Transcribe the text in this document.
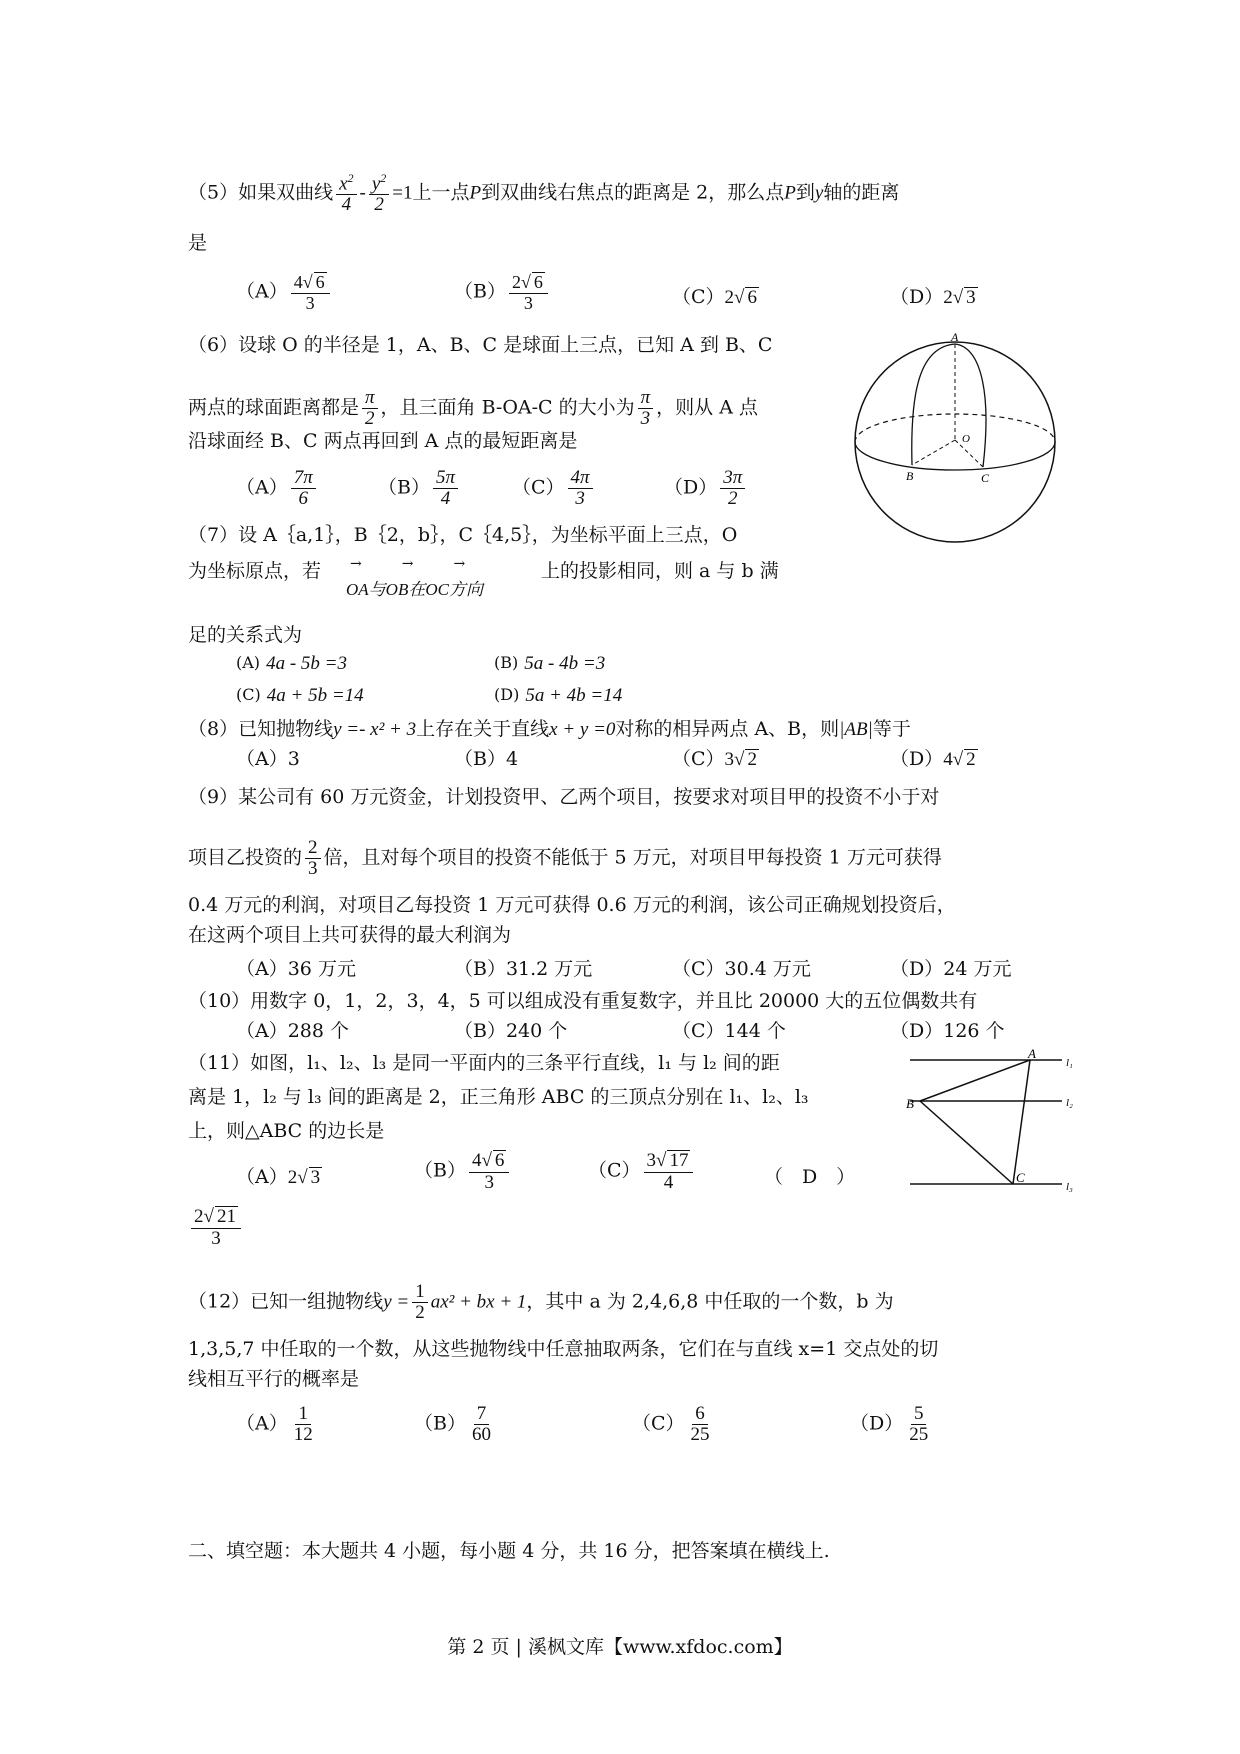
（5）如果双曲线 $\frac{x^2}{4} - \frac{y^2}{2} =1$上一点P到双曲线右焦点的距离是 2，那么点P到y轴的距离
是
$(A) \frac{4√ 6}{3}$	$(B) \frac{2√ 6}{3}$	（C）2√ 6	（D）2√ 3
（6）设球 O 的半径是 1，A、B、C 是球面上三点，已知 A 到 B、C
两点的球面距离都是 $\frac{\pi}{2}$ ，且三面角 B-OA-C 的大小为 $\frac{\pi}{3}$ ，则从 A 点
沿球面经 B、C 两点再回到 A 点的最短距离是
$(A) \frac{7\pi}{6}$	$(B) \frac{5\pi}{4}$	$(C) \frac{4\pi}{3}$	$(D) \frac{3\pi}{2}$
A
B	C
O
（7）设 A｛a,1｝，B｛2，b｝，C｛4,5｝，为坐标平面上三点，O
为坐标原点，若	上的投影相同，则 a 与 b 满
OA与OB在OC方向
→→→
足的关系式为
$^{(A)}$ 4a - 5b =3	$^{(B)}$ 5a - 4b =3
$^{(C)}$ 4a + 5b =14	$^{(D)}$ 5a + 4b =14
（8）已知抛物线y =- x² + 3上存在关于直线x + y =0对称的相异两点 A、B，则|AB|等于
（A）3	（B）4	（C）3√ 2	（D）4√ 2
（9）某公司有 60 万元资金，计划投资甲、乙两个项目，按要求对项目甲的投资不小于对
项目乙投资的 $\frac{2}{3}$ 倍，且对每个项目的投资不能低于 5 万元，对项目甲每投资 1 万元可获得
0.4 万元的利润，对项目乙每投资 1 万元可获得 0.6 万元的利润，该公司正确规划投资后，
在这两个项目上共可获得的最大利润为
（A）36 万元	（B）31.2 万元	（C）30.4 万元	（D）24 万元
（10）用数字 0，1，2，3，4，5 可以组成没有重复数字，并且比 20000 大的五位偶数共有
（A）288 个	（B）240 个	（C）144 个	（D）126 个
（11）如图，l₁、l₂、l₃ 是同一平面内的三条平行直线，l₁ 与 l₂ 间的距
离是 1，l₂ 与 l₃ 间的距离是 2，正三角形 ABC 的三顶点分别在 l₁、l₂、l₃
上，则△ABC 的边长是
（A）2√ 3	$(B) \frac{4√ 6}{3}$	$(C) \frac{3√ 17}{4}$	（　D　）
$\frac{2√ 21}{3}$
A
B
C
l₁
l₂
l₃
（12）已知一组抛物线$y = \frac{1}{2} ax^2$ + bx + 1，其中 a 为 2,4,6,8 中任取的一个数，b 为
1,3,5,7 中任取的一个数，从这些抛物线中任意抽取两条，它们在与直线 x=1 交点处的切
线相互平行的概率是
$(A) \frac{1}{12}$	$(B) \frac{7}{60}$	$(C) \frac{6}{25}$	$(D) \frac{5}{25}$
二、填空题：本大题共 4 小题，每小题 4 分，共 16 分，把答案填在横线上.
第 2 页 | 溪枫文库【www.xfdoc.com】
